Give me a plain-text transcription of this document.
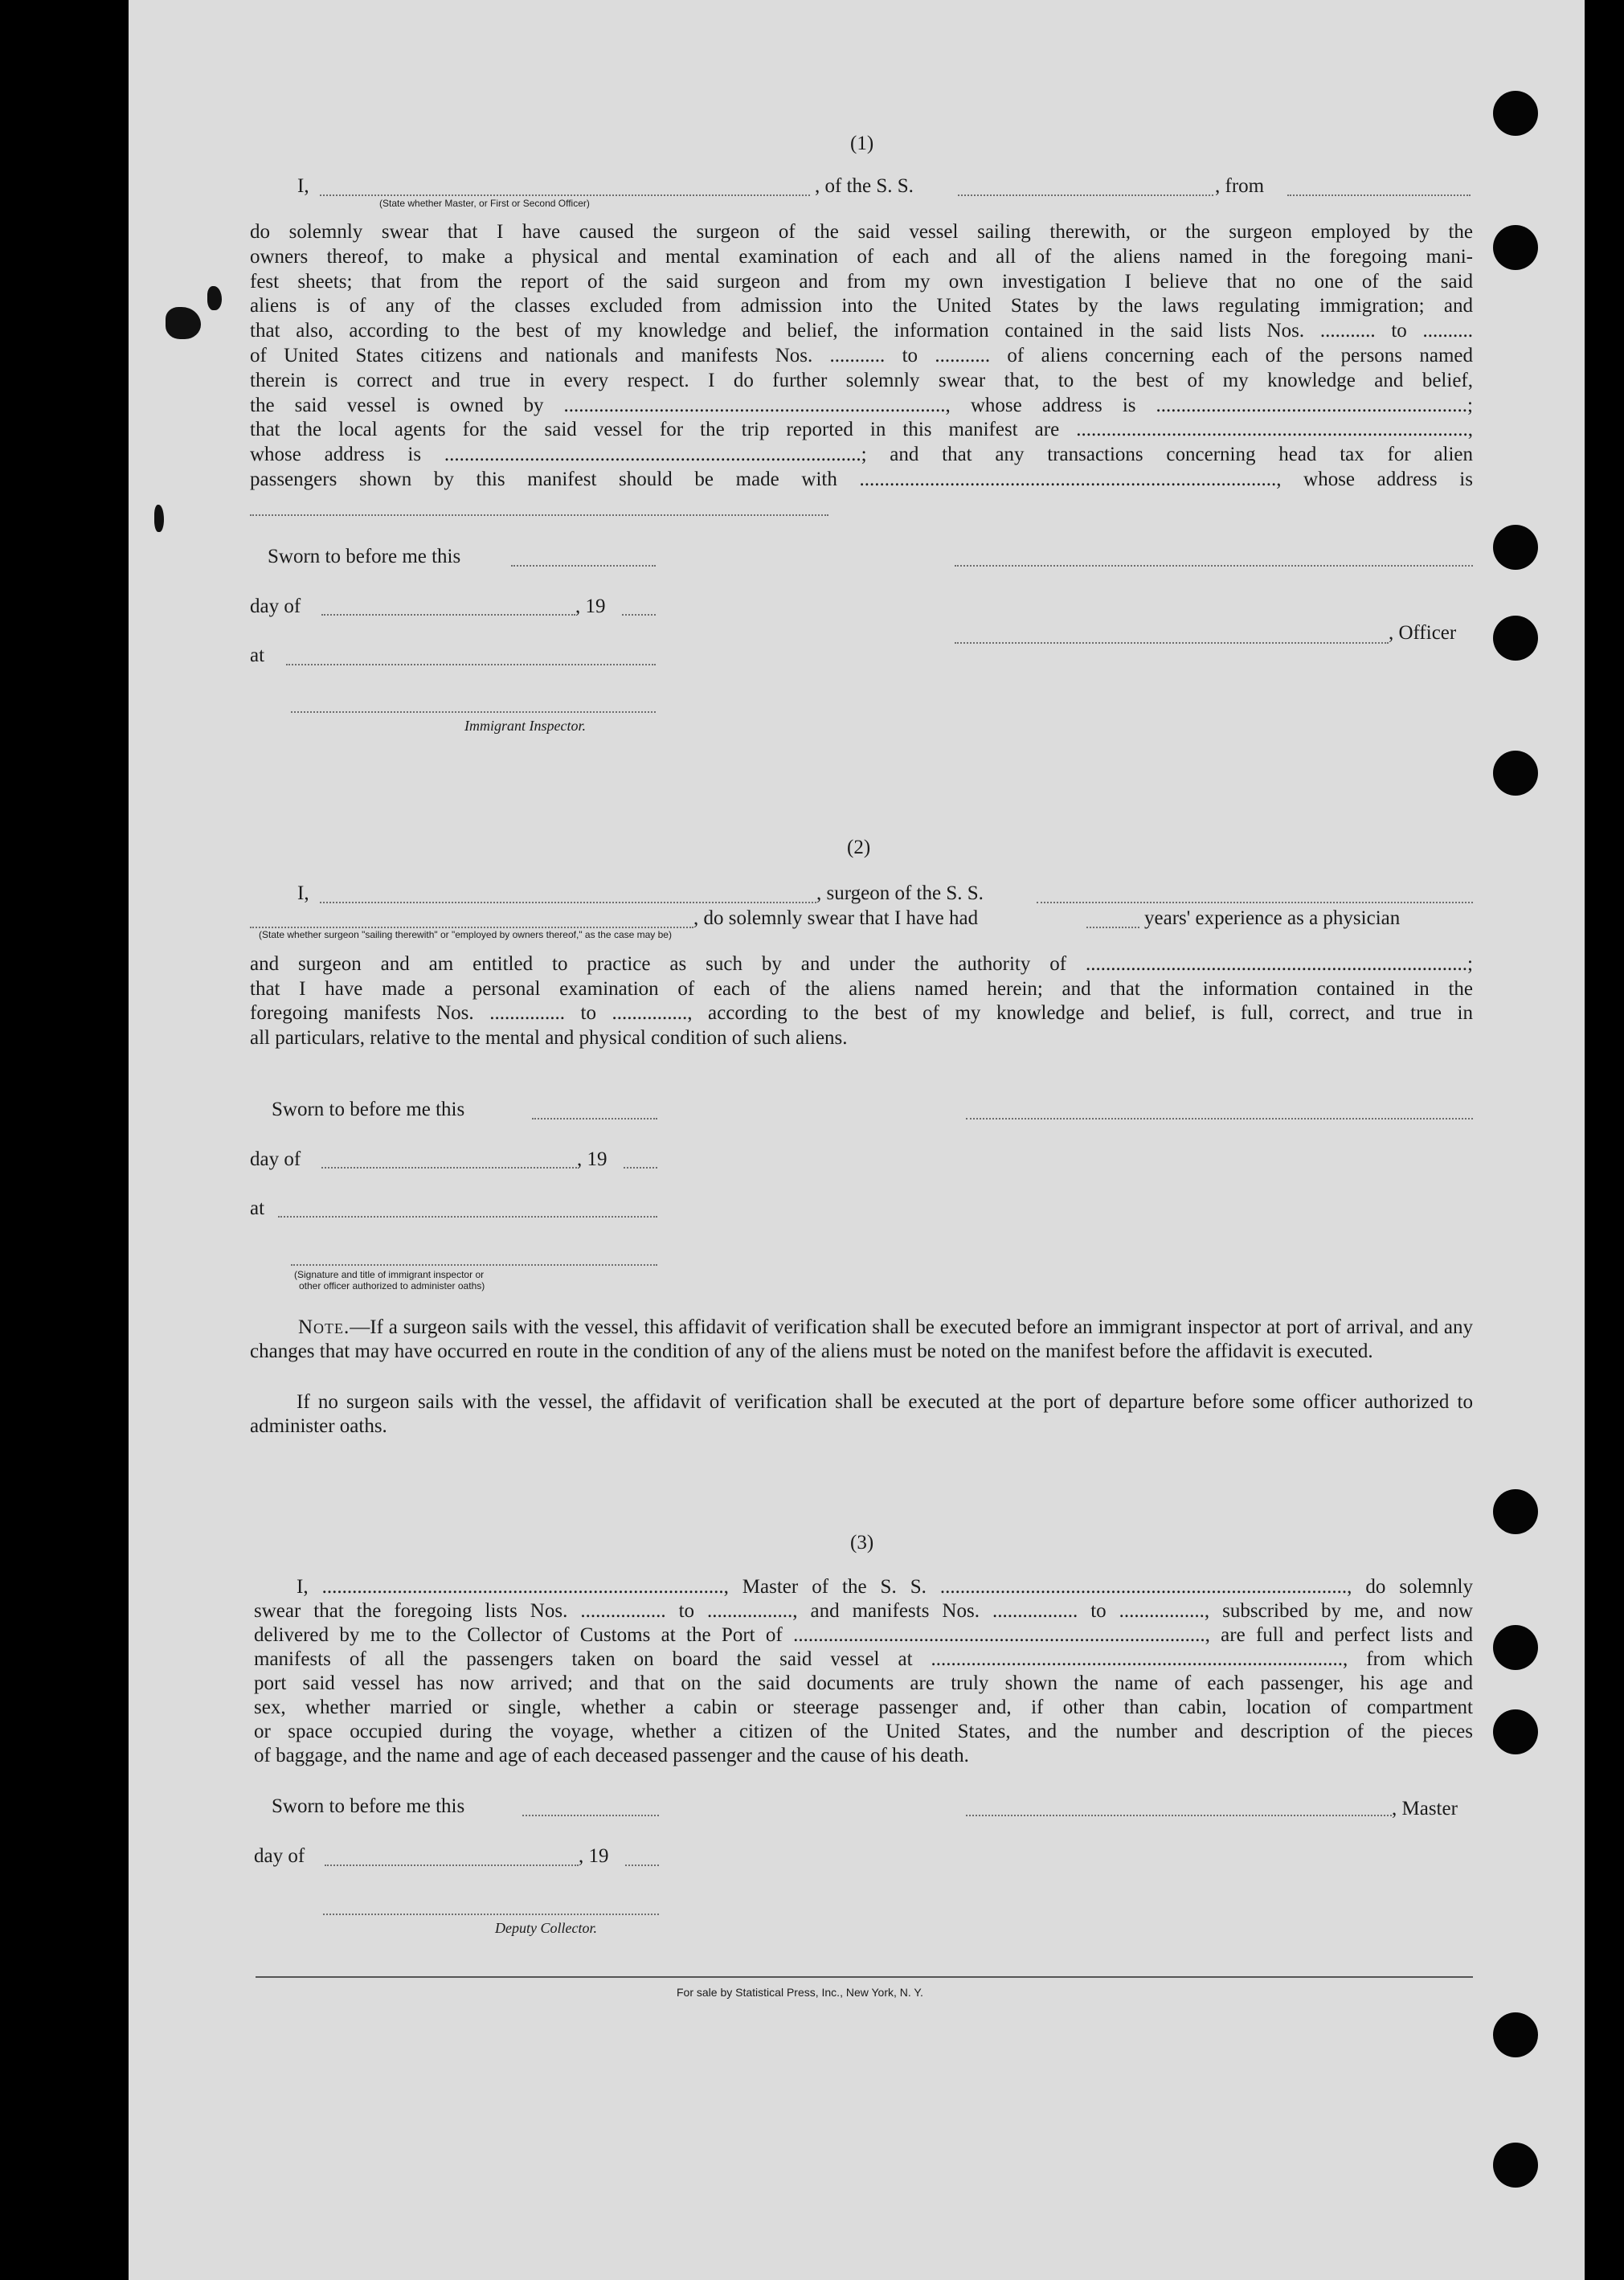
(1)
I,
(State whether Master, or First or Second Officer)
, of the S. S.	, from
do solemnly swear that I have caused the surgeon of the said vessel sailing therewith, or the surgeon employed by the
owners thereof, to make a physical and mental examination of each and all of the aliens named in the foregoing mani-
fest sheets; that from the report of the said surgeon and from my own investigation I believe that no one of the said
aliens is of any of the classes excluded from admission into the United States by the laws regulating immigration; and
that also, according to the best of my knowledge and belief, the information contained in the said lists Nos. ........... to ..........
of United States citizens and nationals and manifests Nos. ........... to ........... of aliens concerning each of the persons named
therein is correct and true in every respect. I do further solemnly swear that, to the best of my knowledge and belief,
the said vessel is owned by ............................................................................, whose address is ..............................................................;
that the local agents for the said vessel for the trip reported in this manifest are ..............................................................................,
whose address is ...................................................................................; and that any transactions concerning head tax for alien
passengers shown by this manifest should be made with ..................................................................................., whose address is
Sworn to before me this
day of	, 19
, Officer
at
Immigrant Inspector.
(2)
I,	, surgeon of the S. S.
(State whether surgeon "sailing therewith" or "employed by owners thereof," as the case may be)
, do solemnly swear that I have had	years' experience as a physician
and surgeon and am entitled to practice as such by and under the authority of ............................................................................;
that I have made a personal examination of each of the aliens named herein; and that the information contained in the
foregoing manifests Nos. ............... to ..............., according to the best of my knowledge and belief, is full, correct, and true in
all particulars, relative to the mental and physical condition of such aliens.
Sworn to before me this
day of	, 19
at
(Signature and title of immigrant inspector or
other officer authorized to administer oaths)
Note.—If a surgeon sails with the vessel, this affidavit of verification shall be executed before an immigrant inspector at port of arrival, and any changes that may have occurred en route in the condition of any of the aliens must be noted on the manifest before the affidavit is executed.
If no surgeon sails with the vessel, the affidavit of verification shall be executed at the port of departure before some officer authorized to administer oaths.
(3)
I, ................................................................................, Master of the S. S. ................................................................................., do solemnly
swear that the foregoing lists Nos. ................. to ................., and manifests Nos. ................. to ................., subscribed by me, and now
delivered by me to the Collector of Customs at the Port of .................................................................................., are full and perfect lists and
manifests of all the passengers taken on board the said vessel at .................................................................................., from which
port said vessel has now arrived; and that on the said documents are truly shown the name of each passenger, his age and
sex, whether married or single, whether a cabin or steerage passenger and, if other than cabin, location of compartment
or space occupied during the voyage, whether a citizen of the United States, and the number and description of the pieces
of baggage, and the name and age of each deceased passenger and the cause of his death.
Sworn to before me this	, Master
day of	, 19
Deputy Collector.
For sale by Statistical Press, Inc., New York, N. Y.
